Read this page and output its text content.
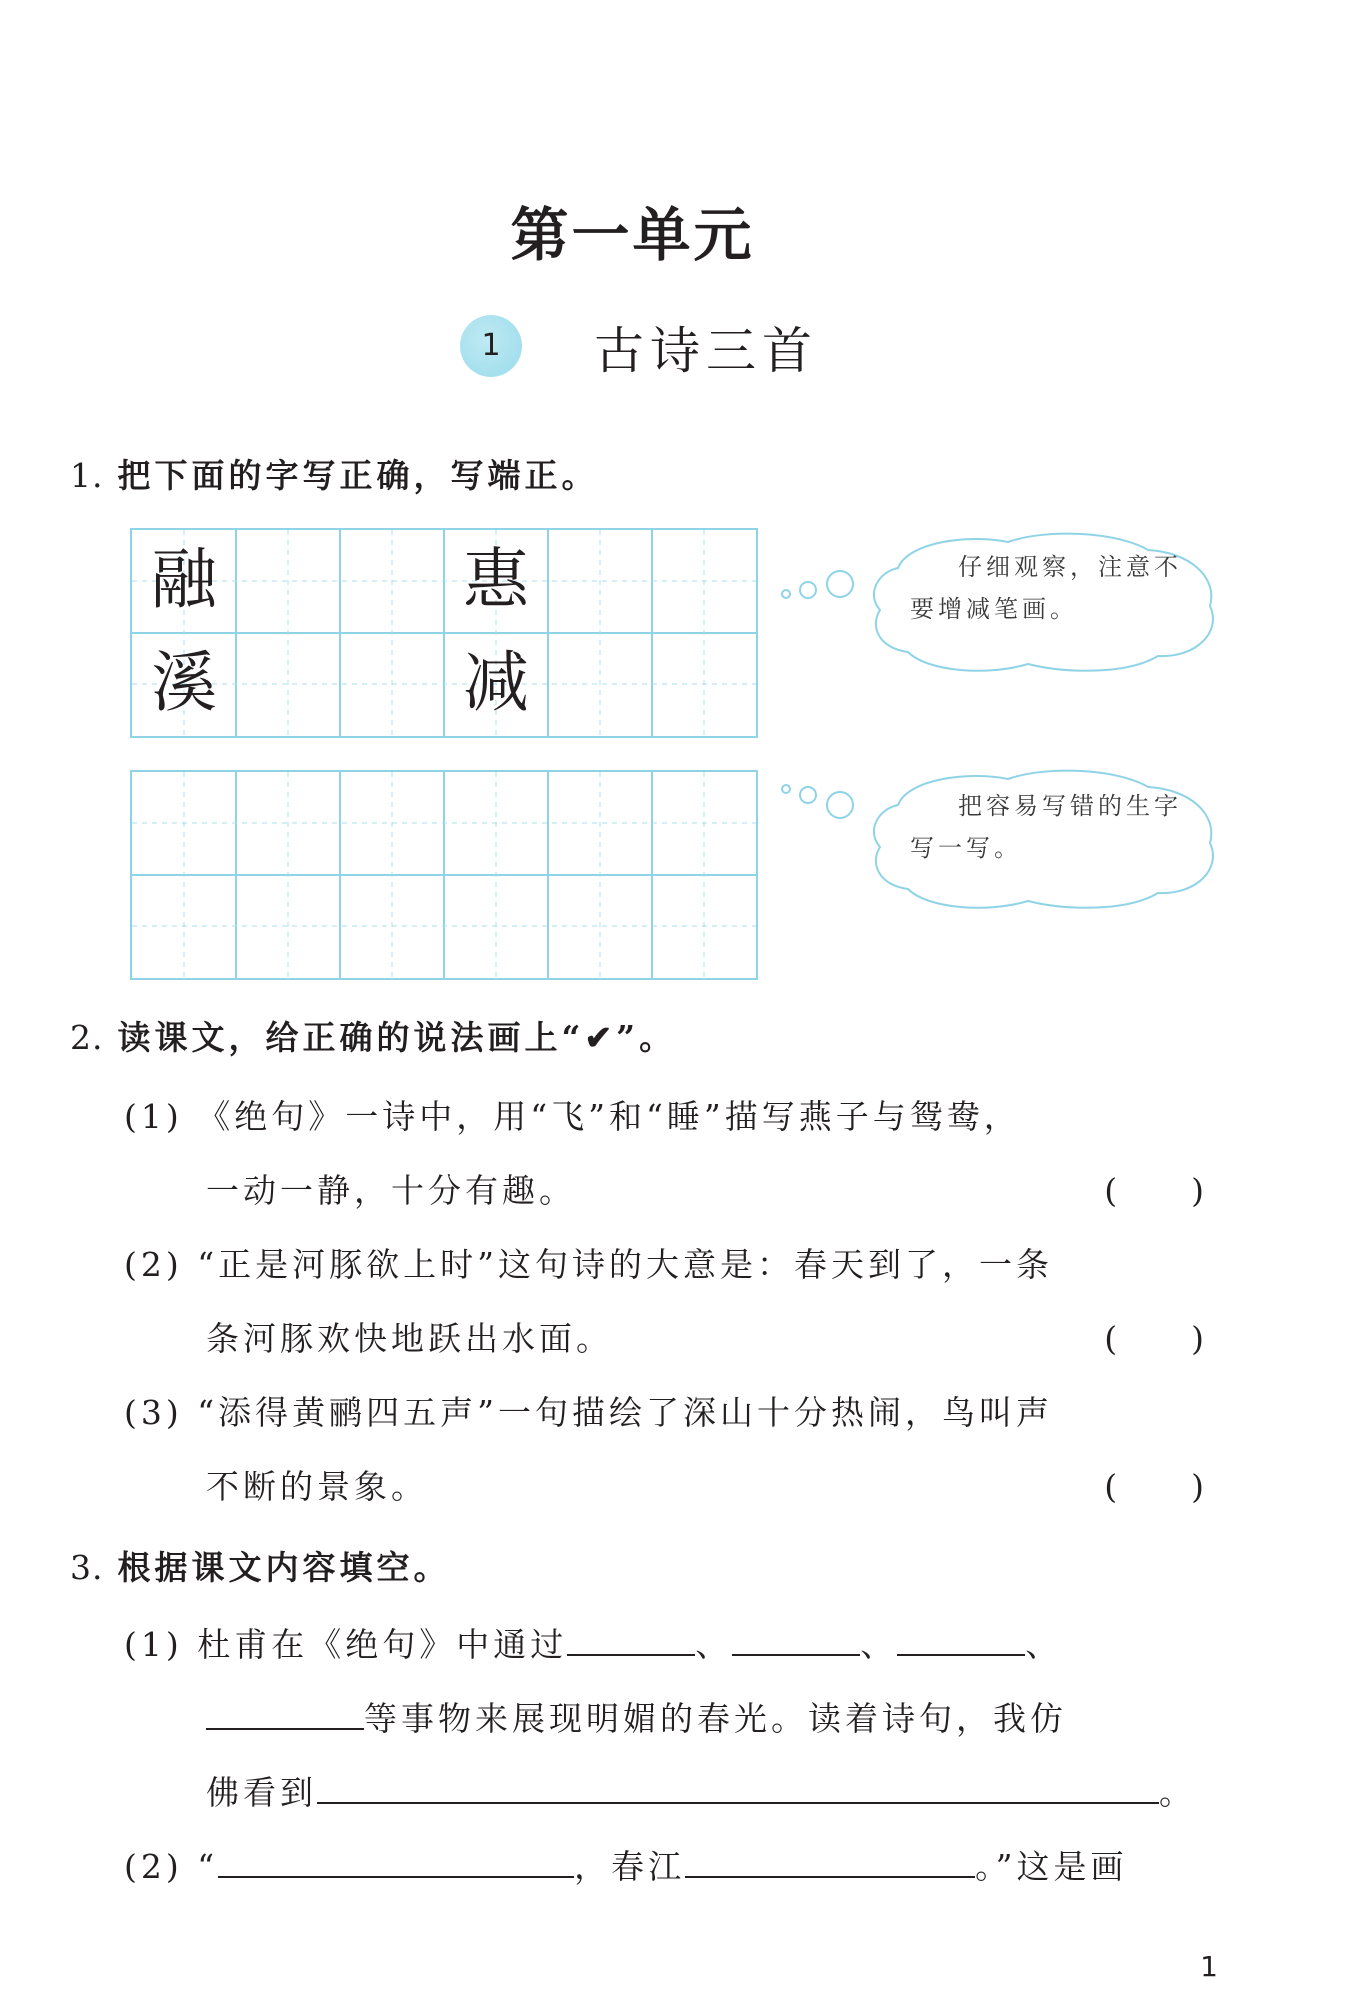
第一单元
1	古诗三首
1. 把下面的字写正确，写端正。
融	惠
溪	减
仔细观察，注意不要增减笔画。
把容易写错的生字写一写。
2. 读课文，给正确的说法画上“✔”。
(1) 《绝句》一诗中，用“飞”和“睡”描写燕子与鸳鸯，
一动一静，十分有趣。	( )
(2) “正是河豚欲上时”这句诗的大意是：春天到了，一条
条河豚欢快地跃出水面。	( )
(3) “添得黄鹂四五声”一句描绘了深山十分热闹，鸟叫声
不断的景象。	( )
3. 根据课文内容填空。
(1) 杜甫在《绝句》中通过	、	、	、
等事物来展现明媚的春光。读着诗句，我仿
佛看到	。
(2) “	，春江	。”这是画
1
